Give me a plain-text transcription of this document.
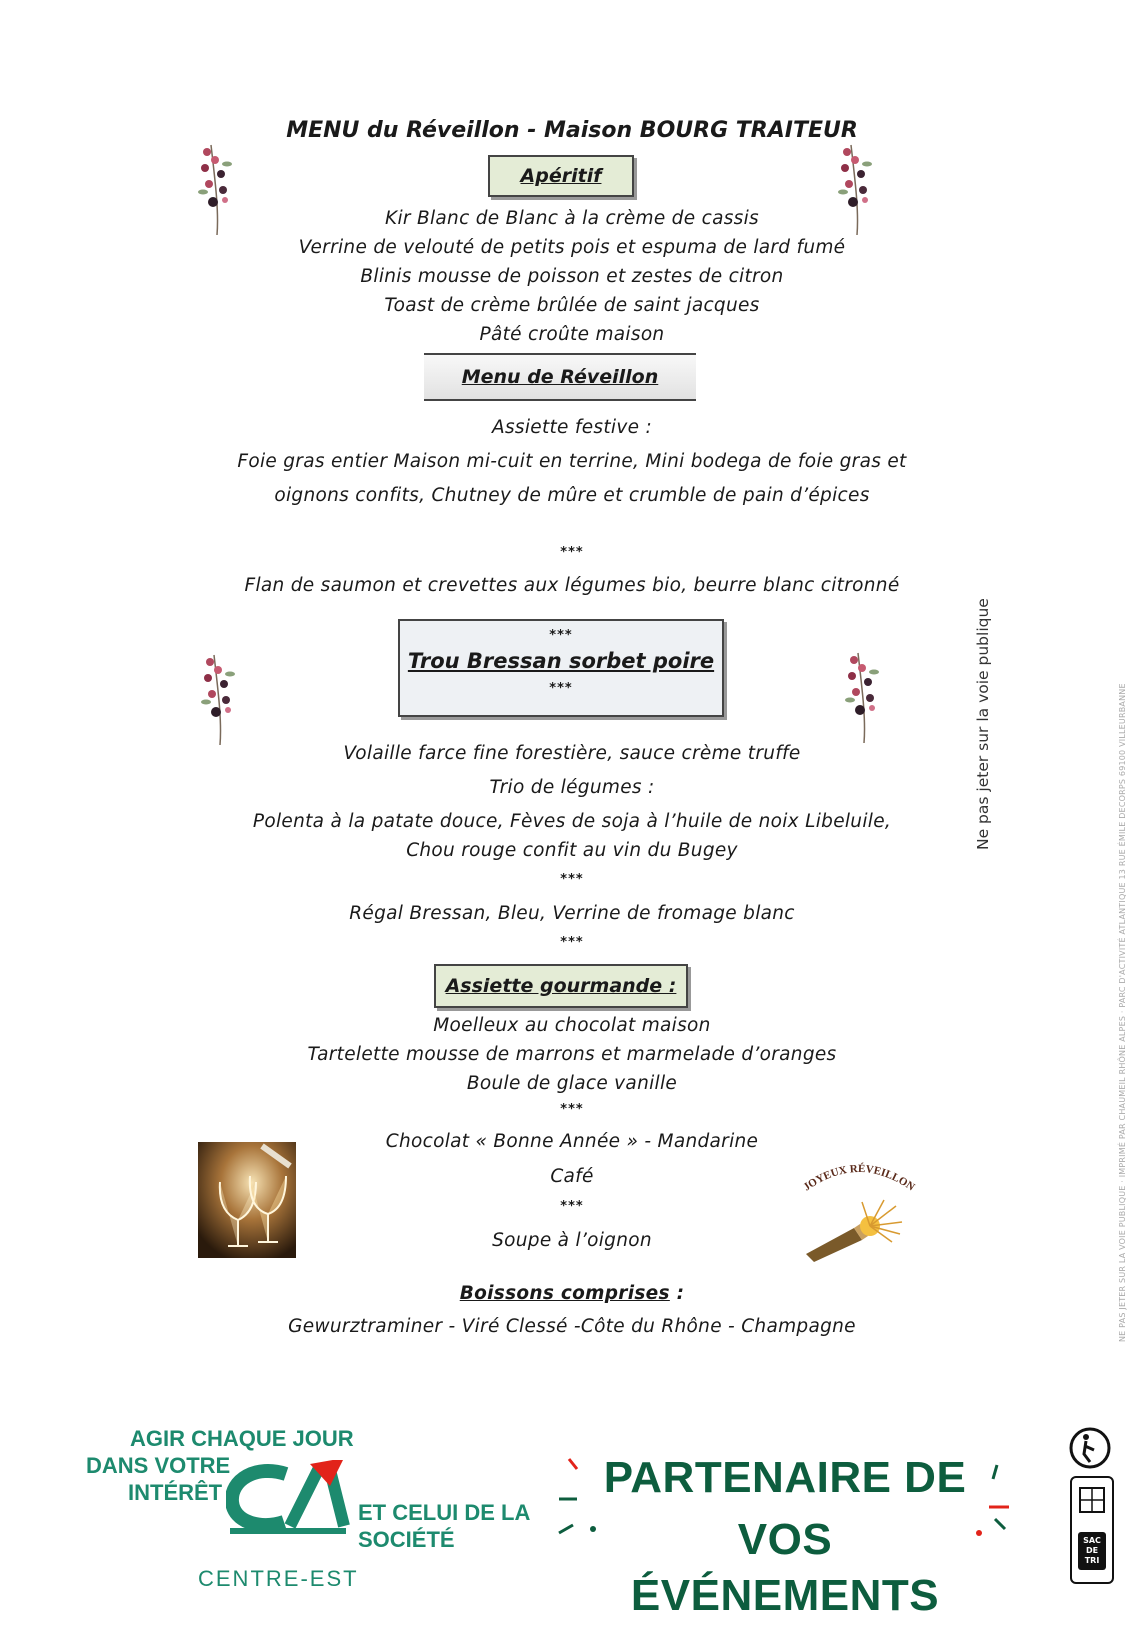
MENU du Réveillon - Maison BOURG TRAITEUR
Apéritif
Kir Blanc de Blanc à la crème de cassis
Verrine de velouté de petits pois et espuma de lard fumé
Blinis mousse de poisson et zestes de citron
Toast de crème brûlée de saint jacques
Pâté croûte maison
Menu de Réveillon
Assiette festive :
Foie gras entier Maison mi-cuit en terrine, Mini bodega de foie gras et
oignons confits, Chutney de mûre et crumble de pain d’épices
***
Flan de saumon et crevettes aux légumes bio, beurre blanc citronné
***
Trou Bressan sorbet poire
***
Volaille farce fine forestière, sauce crème truffe
Trio de légumes :
Polenta à la patate douce, Fèves de soja à l’huile de noix Libeluile,
Chou rouge confit au vin du Bugey
***
Régal Bressan, Bleu, Verrine de fromage blanc
***
Assiette gourmande :
Moelleux au chocolat maison
Tartelette mousse de marrons et marmelade d’oranges
Boule de glace vanille
***
Chocolat « Bonne Année » - Mandarine
Café
***
Soupe à l’oignon
Boissons comprises :
Gewurztraminer - Viré Clessé -Côte du Rhône - Champagne
JOYEUX RÉVEILLON
Ne pas jeter sur la voie publique	NE PAS JETER SUR LA VOIE PUBLIQUE · IMPRIMÉ PAR CHAUMEIL RHÔNE ALPES · PARC D'ACTIVITÉ ATLANTIQUE 13 RUE ÉMILE DECORPS 69100 VILLEURBANNE
AGIR CHAQUE JOUR
DANS VOTRE
INTÉRÊT
ET CELUI DE LA
SOCIÉTÉ
CENTRE-EST
PARTENAIRE DE
VOS ÉVÉNEMENTS
SAC DE TRI
